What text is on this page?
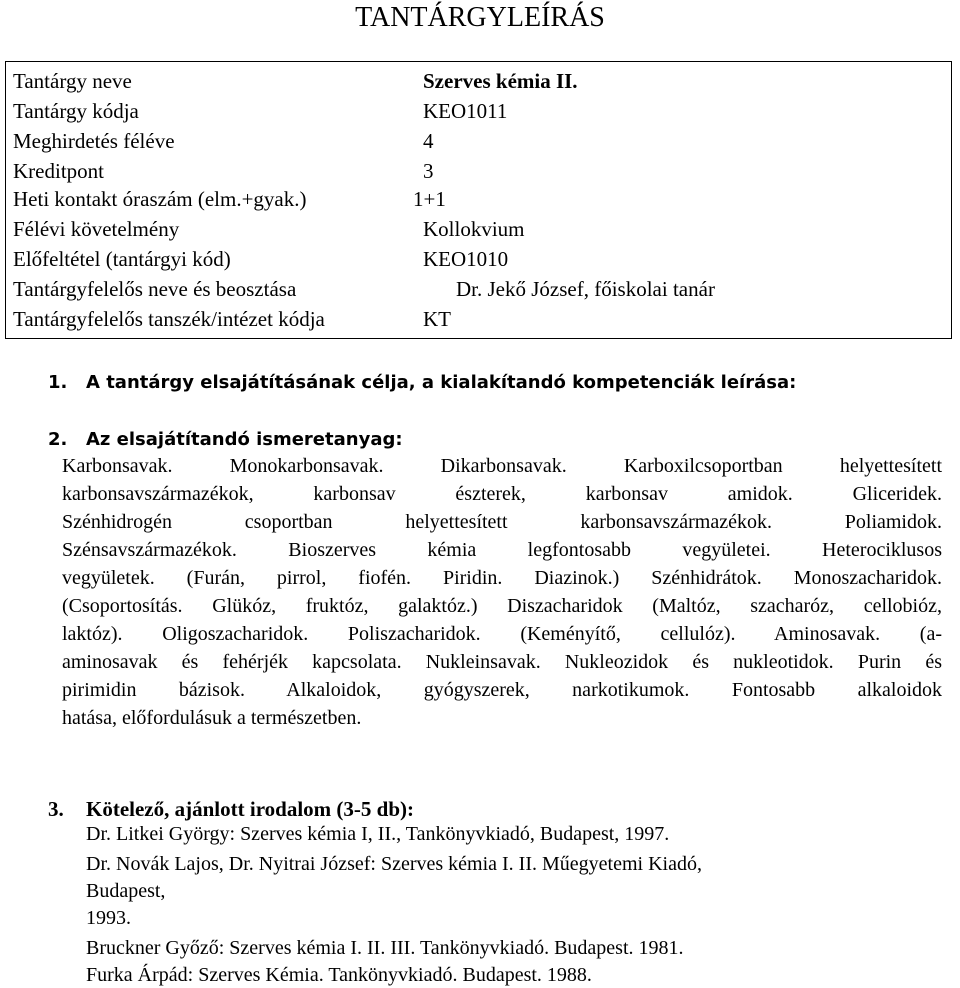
TANTÁRGYLEÍRÁS
Tantárgy neve	Szerves kémia II.
Tantárgy kódja	KEO1011
Meghirdetés féléve	4
Kreditpont	3
Heti kontakt óraszám (elm.+gyak.)	1+1
Félévi követelmény	Kollokvium
Előfeltétel (tantárgyi kód)	KEO1010
Tantárgyfelelős neve és beosztása	Dr. Jekő József, főiskolai tanár
Tantárgyfelelős tanszék/intézet kódja	KT
1. A tantárgy elsajátításának célja, a kialakítandó kompetenciák leírása:
2. Az elsajátítandó ismeretanyag:
Karbonsavak. Monokarbonsavak. Dikarbonsavak. Karboxilcsoportban helyettesített
karbonsavszármazékok, karbonsav észterek, karbonsav amidok. Gliceridek.
Szénhidrogén csoportban helyettesített karbonsavszármazékok. Poliamidok.
Szénsavszármazékok. Bioszerves kémia legfontosabb vegyületei. Heterociklusos
vegyületek. (Furán, pirrol, fiofén. Piridin. Diazinok.) Szénhidrátok. Monoszacharidok.
(Csoportosítás. Glükóz, fruktóz, galaktóz.) Diszacharidok (Maltóz, szacharóz, cellobióz,
laktóz). Oligoszacharidok. Poliszacharidok. (Keményítő, cellulóz). Aminosavak. (a-
aminosavak és fehérjék kapcsolata. Nukleinsavak. Nukleozidok és nukleotidok. Purin és
pirimidin bázisok. Alkaloidok, gyógyszerek, narkotikumok. Fontosabb alkaloidok
hatása, előfordulásuk a természetben.
3. Kötelező, ajánlott irodalom (3-5 db):
Dr. Litkei György: Szerves kémia I, II., Tankönyvkiadó, Budapest, 1997.
Dr. Novák Lajos, Dr. Nyitrai József: Szerves kémia I. II. Műegyetemi Kiadó,
Budapest,
1993.
Bruckner Győző: Szerves kémia I. II. III. Tankönyvkiadó. Budapest. 1981.
Furka Árpád: Szerves Kémia. Tankönyvkiadó. Budapest. 1988.
